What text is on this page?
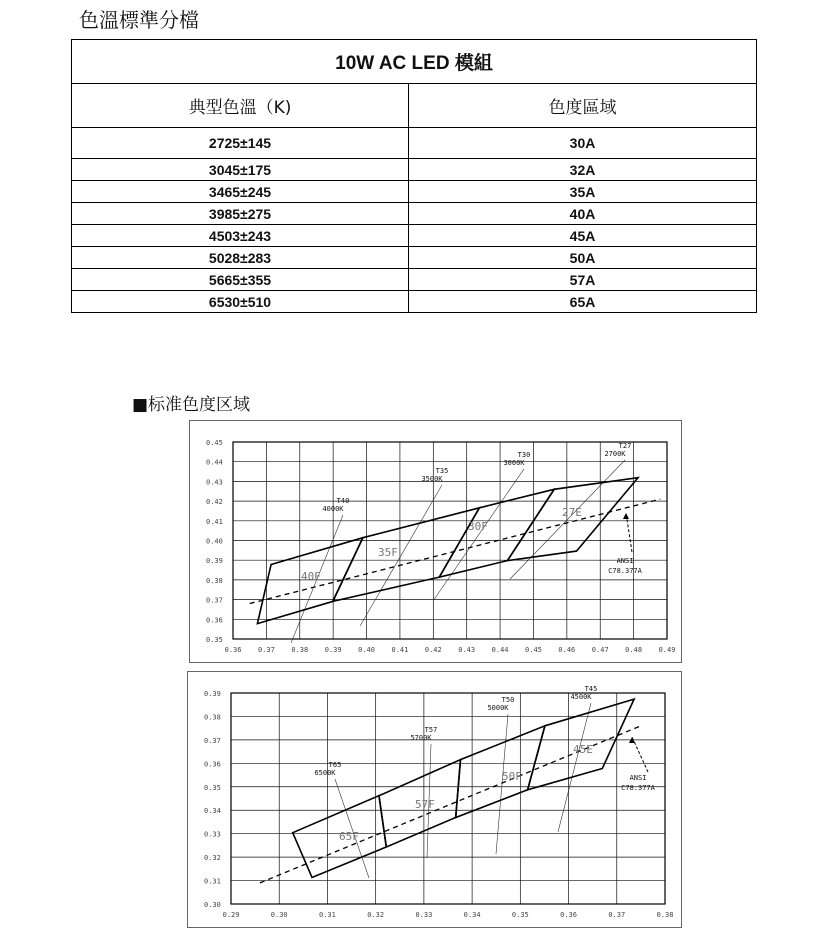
色溫標準分檔
10W AC LED 模組	
典型色溫（K)	色度區域
2725±145	30A
3045±175	32A
3465±245	35A
3985±275	40A
4503±243	45A
5028±283	50A
5665±355	57A
6530±510	65A
■标准色度区域
0.36 0.37 0.38 0.39 0.40 0.41 0.42 0.43 0.44 0.45 0.46 0.47 0.48 0.49
0.35
0.36
0.37
0.38
0.39
0.40
0.41
0.42
0.43
0.44
0.45
T40
4000K
T35
3500K
T30
3000K
T27
2700K
40E
35F
30F
27E
ANSI
C78.377A
0.29	0.30	0.31	0.32	0.33	0.34	0.35	0.36	0.37	0.38
0.30
0.31
0.32
0.33
0.34
0.35
0.36
0.37
0.38
0.39
T65
6500K
T57
5700K
T50
5000K
T45
4500K
65F
57F
50F
45E
ANSI
C78.377A
